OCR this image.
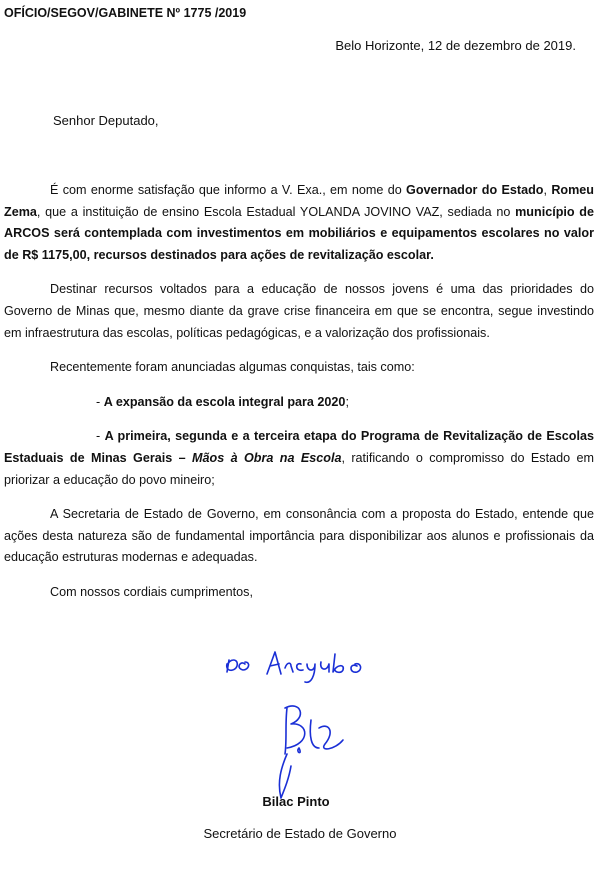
OFÍCIO/SEGOV/GABINETE Nº 1775 /2019
Belo Horizonte, 12 de dezembro de 2019.
Senhor Deputado,

É com enorme satisfação que informo a V. Exa., em nome do Governador do Estado, Romeu Zema, que a instituição de ensino Escola Estadual YOLANDA JOVINO VAZ, sediada no município de ARCOS será contemplada com investimentos em mobiliários e equipamentos escolares no valor de R$ 1175,00, recursos destinados para ações de revitalização escolar.

Destinar recursos voltados para a educação de nossos jovens é uma das prioridades do Governo de Minas que, mesmo diante da grave crise financeira em que se encontra, segue investindo em infraestrutura das escolas, políticas pedagógicas, e a valorização dos profissionais.

Recentemente foram anunciadas algumas conquistas, tais como:

- A expansão da escola integral para 2020;

- A primeira, segunda e a terceira etapa do Programa de Revitalização de Escolas Estaduais de Minas Gerais – Mãos à Obra na Escola, ratificando o compromisso do Estado em priorizar a educação do povo mineiro;

A Secretaria de Estado de Governo, em consonância com a proposta do Estado, entende que ações desta natureza são de fundamental importância para disponibilizar aos alunos e profissionais da educação estruturas modernas e adequadas.

Com nossos cordiais cumprimentos,

Bilac Pinto
Secretário de Estado de Governo
